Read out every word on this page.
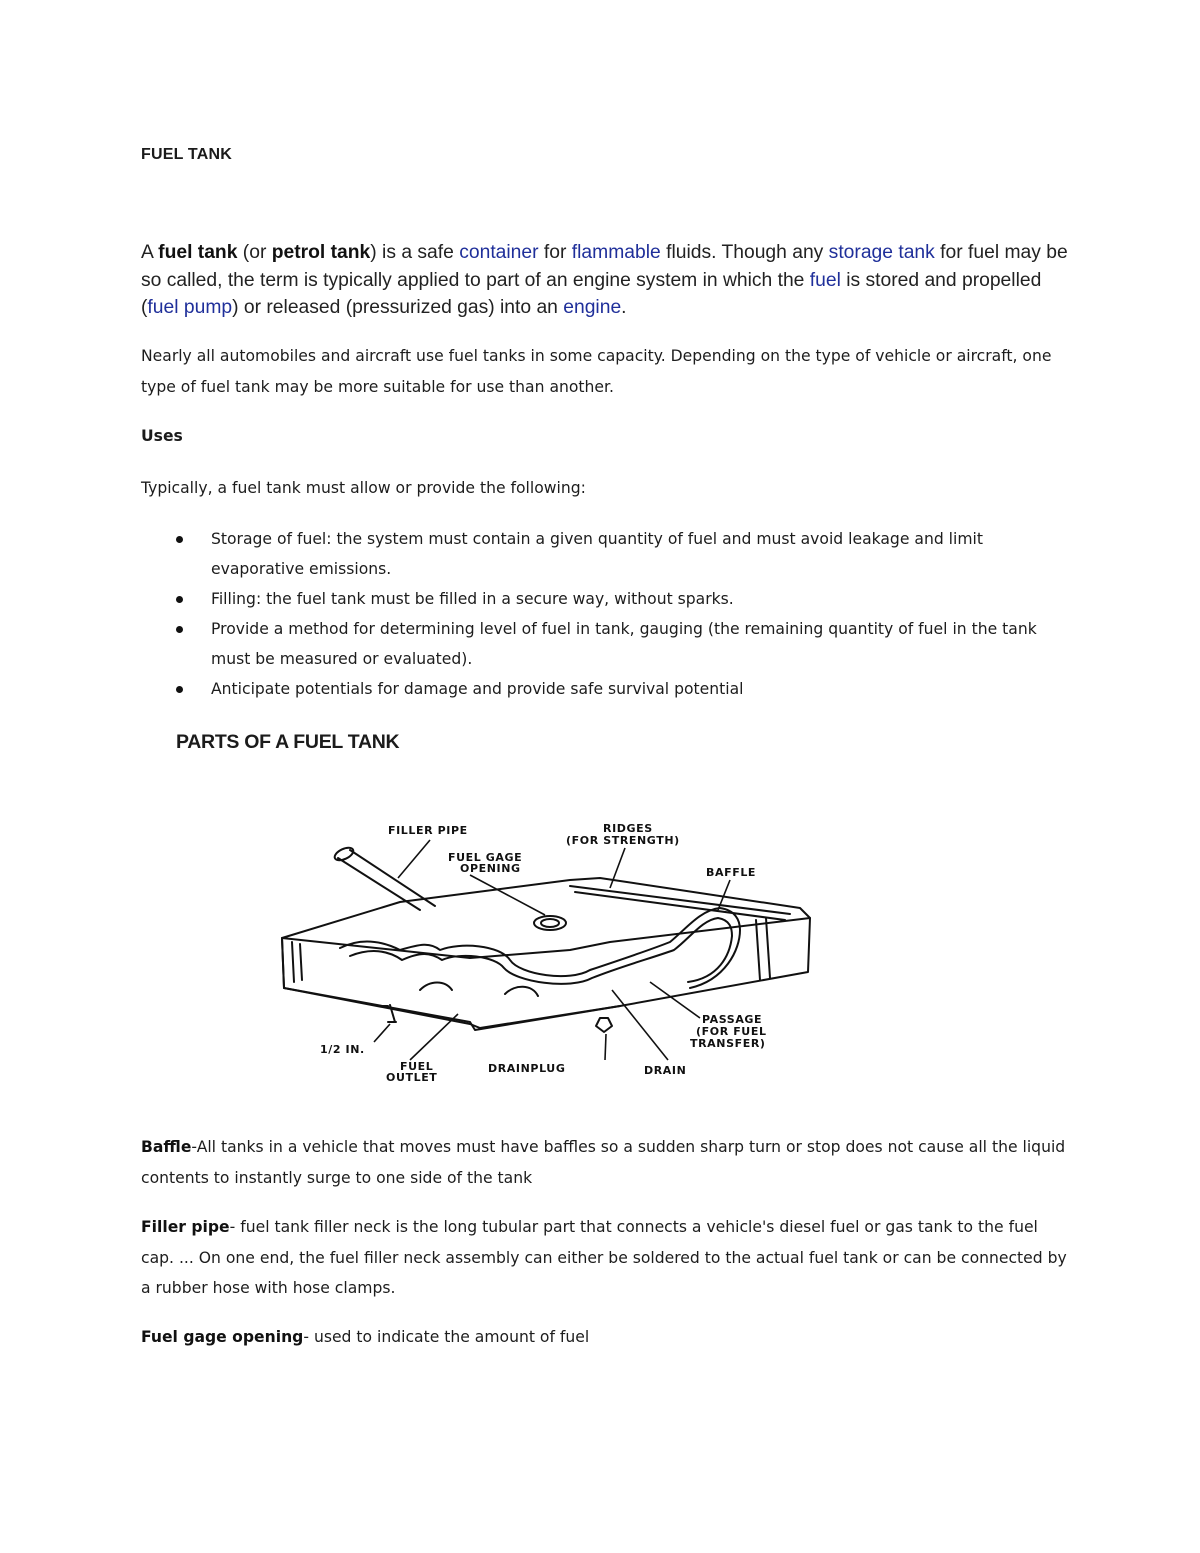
FUEL TANK

A fuel tank (or petrol tank) is a safe container for flammable fluids. Though any storage tank for fuel may be so called, the term is typically applied to part of an engine system in which the fuel is stored and propelled (fuel pump) or released (pressurized gas) into an engine.

Nearly all automobiles and aircraft use fuel tanks in some capacity. Depending on the type of vehicle or aircraft, one type of fuel tank may be more suitable for use than another.

Uses

Typically, a fuel tank must allow or provide the following:

Storage of fuel: the system must contain a given quantity of fuel and must avoid leakage and limit evaporative emissions.
Filling: the fuel tank must be filled in a secure way, without sparks.
Provide a method for determining level of fuel in tank, gauging (the remaining quantity of fuel in the tank must be measured or evaluated).
Anticipate potentials for damage and provide safe survival potential
PARTS OF A FUEL TANK
FILLER PIPE	RIDGES
(FOR STRENGTH)
FUEL GAGE
OPENING	BAFFLE
PASSAGE
(FOR FUEL
TRANSFER)
1/2 IN.
FUEL
OUTLET
DRAINPLUG	DRAIN

Baffle-All tanks in a vehicle that moves must have baffles so a sudden sharp turn or stop does not cause all the liquid contents to instantly surge to one side of the tank

Filler pipe- fuel tank filler neck is the long tubular part that connects a vehicle's diesel fuel or gas tank to the fuel cap. ... On one end, the fuel filler neck assembly can either be soldered to the actual fuel tank or can be connected by a rubber hose with hose clamps.

Fuel gage opening- used to indicate the amount of fuel
